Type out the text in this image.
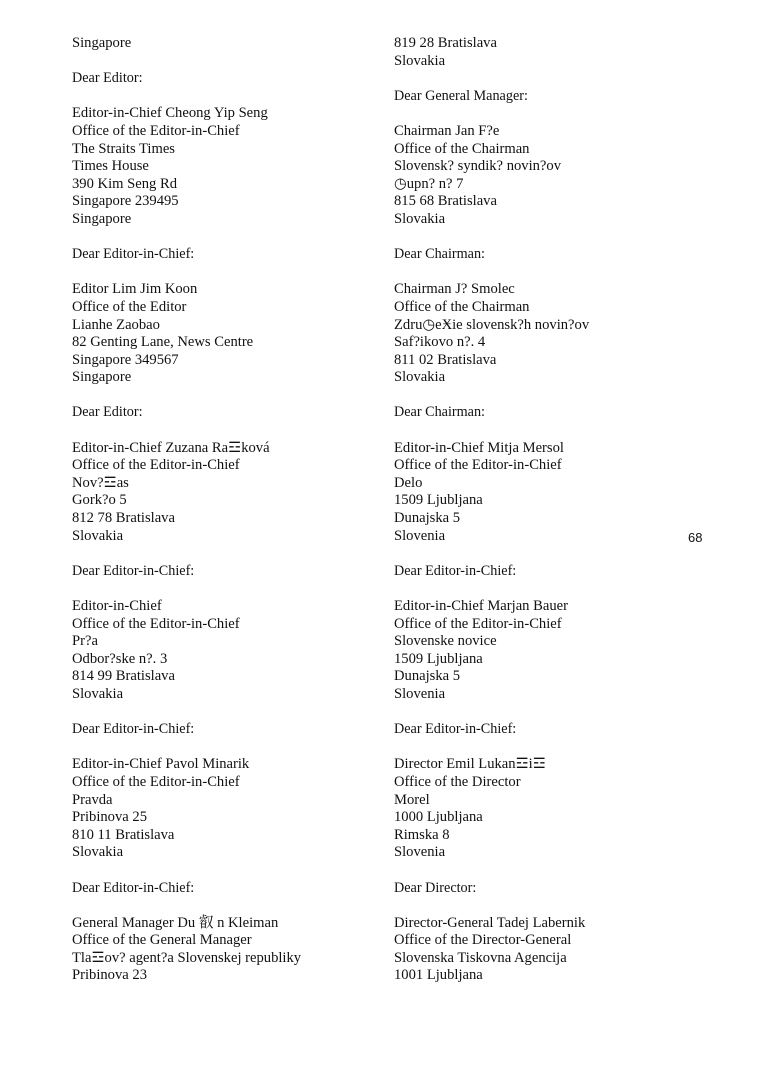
Singapore
Dear Editor:
Editor-in-Chief Cheong Yip Seng
Office of the Editor-in-Chief
The Straits Times
Times House
390 Kim Seng Rd
Singapore 239495
Singapore
Dear Editor-in-Chief:
Editor Lim Jim Koon
Office of the Editor
Lianhe Zaobao
82 Genting Lane, News Centre
Singapore 349567
Singapore
Dear Editor:
Editor-in-Chief Zuzana Ra☲ková
Office of the Editor-in-Chief
Nov?☲as
Gork?o 5
812 78 Bratislava
Slovakia
Dear Editor-in-Chief:
Editor-in-Chief
Office of the Editor-in-Chief
Pr?a
Odbor?ske n?. 3
814 99 Bratislava
Slovakia
Dear Editor-in-Chief:
Editor-in-Chief Pavol Minarik
Office of the Editor-in-Chief
Pravda
Pribinova 25
810 11 Bratislava
Slovakia
Dear Editor-in-Chief:
General Manager Du 叡 n Kleiman
Office of the General Manager
Tla☲ov? agent?a Slovenskej republiky
Pribinova 23
819 28 Bratislava
Slovakia
Dear General Manager:
Chairman Jan F?e
Office of the Chairman
Slovensk? syndik? novin?ov
◷upn? n? 7
815 68 Bratislava
Slovakia
Dear Chairman:
Chairman J? Smolec
Office of the Chairman
Zdru◷eӾie slovensk?h novin?ov
Saf?ikovo n?. 4
811 02 Bratislava
Slovakia
Dear Chairman:
Editor-in-Chief Mitja Mersol
Office of the Editor-in-Chief
Delo
1509 Ljubljana
Dunajska 5
Slovenia
Dear Editor-in-Chief:
Editor-in-Chief Marjan Bauer
Office of the Editor-in-Chief
Slovenske novice
1509 Ljubljana
Dunajska 5
Slovenia
Dear Editor-in-Chief:
Director Emil Lukan☲i☲
Office of the Director
Morel
1000 Ljubljana
Rimska 8
Slovenia
Dear Director:
Director-General Tadej Labernik
Office of the Director-General
Slovenska Tiskovna Agencija
1001 Ljubljana
68
